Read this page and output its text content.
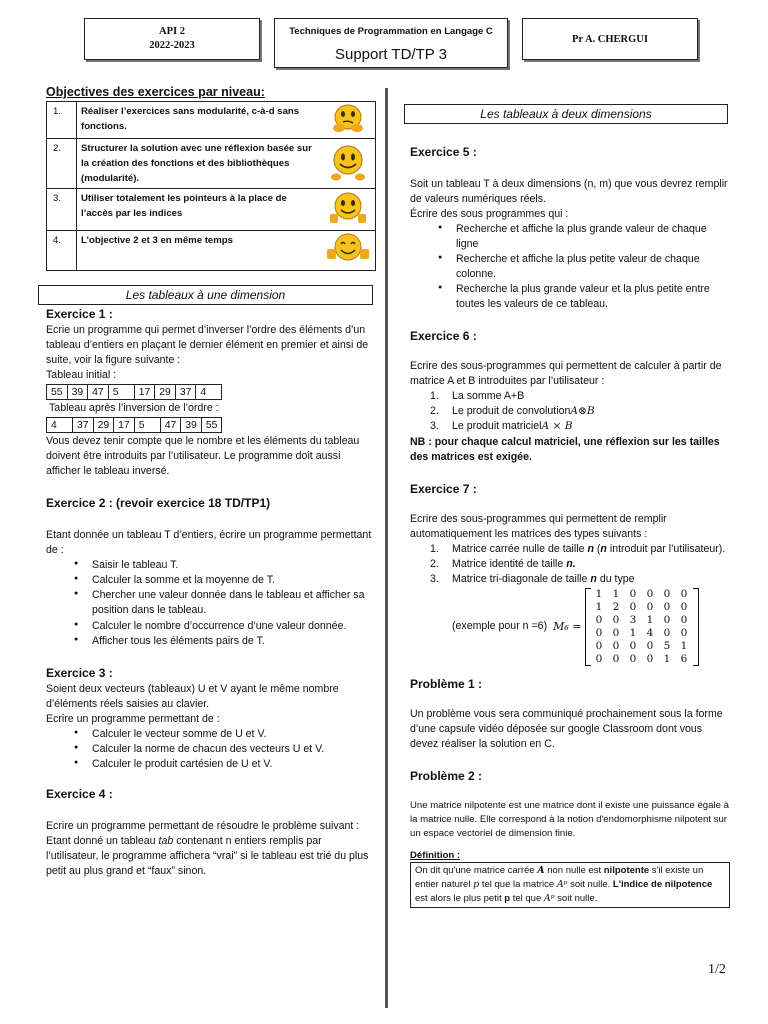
API 2
2022-2023
Techniques de Programmation en Langage C
Support TD/TP 3
Pr A. CHERGUI
Objectives des exercices par niveau:
1.	Réaliser l’exercices sans modularité, c-à-d sans fonctions.	
2.	Structurer la solution avec une réflexion basée sur la création des fonctions et des bibliothèques (modularité).	
3.	Utiliser totalement les pointeurs à la place de l’accès par les indices	
4.	L’objective 2 et 3 en même temps	
Les tableaux à une dimension
Exercice 1 :

Ecrie un programme qui permet d’inverser l’ordre des éléments d’un tableau d’entiers en plaçant le dernier élément en premier et ainsi de suite, voir la figure suivante :

Tableau initial :

55	39	47	5	17	29	37	4

Tableau après l’inversion de l’ordre :

4	37	29	17	5	47	39	55

Vous devez tenir compte que le nombre et les éléments du tableau doivent être introduits par l’utilisateur. Le programme doit aussi afficher le tableau inversé.

Exercice 2 : (revoir exercice 18 TD/TP1)

Etant donnée un tableau T d’entiers, écrire un programme permettant de :

● Saisir le tableau T.
● Calculer la somme et la moyenne de T.
● Chercher une valeur donnée dans le tableau et afficher sa position dans le tableau.
● Calculer le nombre d’occurrence d’une valeur donnée.
● Afficher tous les éléments pairs de T.
Exercice 3 :

Soient deux vecteurs (tableaux) U et V ayant le même nombre d’éléments réels saisies au clavier.

Ecrire un programme permettant de :

● Calculer le vecteur somme de U et V.
● Calculer la norme de chacun des vecteurs U et V.
● Calculer le produit cartésien de U et V.
Exercice 4 :

Ecrire un programme permettant de résoudre le problème suivant :

Etant donné un tableau tab contenant n entiers remplis par l’utilisateur, le programme affichera “vrai” si le tableau est trié du plus petit au plus grand et “faux” sinon.

Les tableaux à deux dimensions
Exercice 5 :

Soit un tableau T à deux dimensions (n, m) que vous devrez remplir de valeurs numériques réels.

Écrire des sous programmes qui :

● Recherche et affiche la plus grande valeur de chaque ligne
● Recherche et affiche la plus petite valeur de chaque colonne.
● Recherche la plus grande valeur et la plus petite entre toutes les valeurs de ce tableau.
Exercice 6 :

Ecrire des sous-programmes qui permettent de calculer à partir de matrice A et B introduites par l’utilisateur :

1.	La somme A+B
2.	Le produit de convolution A⊗B
3.	Le produit matriciel A × B

NB : pour chaque calcul matriciel, une réflexion sur les tailles des matrices est exigée.

Exercice 7 :

Ecrire des sous-programmes qui permettent de remplir automatiquement les matrices des types suivants :

1.	Matrice carrée nulle de taille n (n introduit par l’utilisateur).
2.	Matrice identité de taille n.
3.	Matrice tri-diagonale de taille n du type
(exemple pour n =6) M₆ =
1	1	0	0	0	0
1	2	0	0	0	0
0	0	3	1	0	0
0	0	1	4	0	0
0	0	0	0	5	1
0	0	0	0	1	6
Problème 1 :

Un problème vous sera communiqué prochainement sous la forme d’une capsule vidéo déposée sur google Classroom dont vous devez réaliser la solution en C.

Problème 2 :

Une matrice nilpotente est une matrice dont il existe une puissance égale à la matrice nulle. Elle correspond à la notion d'endomorphisme nilpotent sur un espace vectoriel de dimension finie.

Définition :

On dit qu'une matrice carrée A non nulle est nilpotente s'il existe un entier naturel p tel que la matrice Aᵖ soit nulle. L'indice de nilpotence est alors le plus petit p tel que Aᵖ soit nulle.
1/2
